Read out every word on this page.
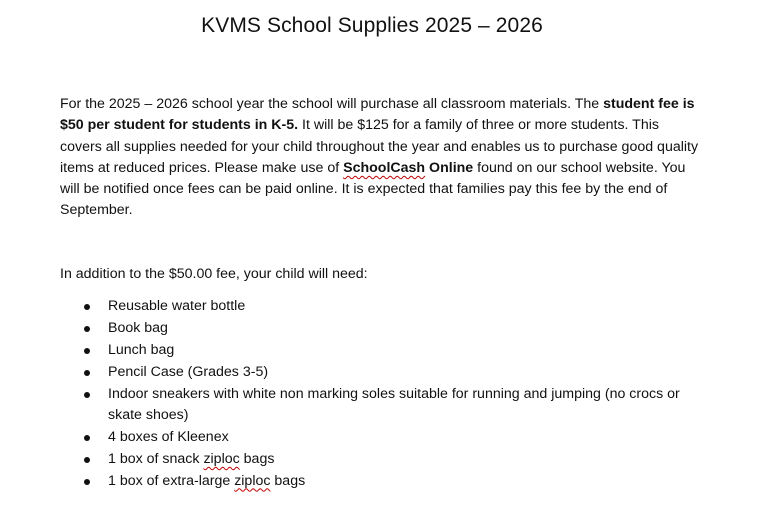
KVMS School Supplies 2025 – 2026

For the 2025 – 2026 school year the school will purchase all classroom materials. The student fee is $50 per student for students in K-5. It will be $125 for a family of three or more students. This covers all supplies needed for your child throughout the year and enables us to purchase good quality items at reduced prices. Please make use of SchoolCash Online found on our school website. You will be notified once fees can be paid online. It is expected that families pay this fee by the end of September.

In addition to the $50.00 fee, your child will need:

Reusable water bottle
Book bag
Lunch bag
Pencil Case (Grades 3-5)
Indoor sneakers with white non marking soles suitable for running and jumping (no crocs or skate shoes)
4 boxes of Kleenex
1 box of snack ziploc bags
1 box of extra-large ziploc bags
